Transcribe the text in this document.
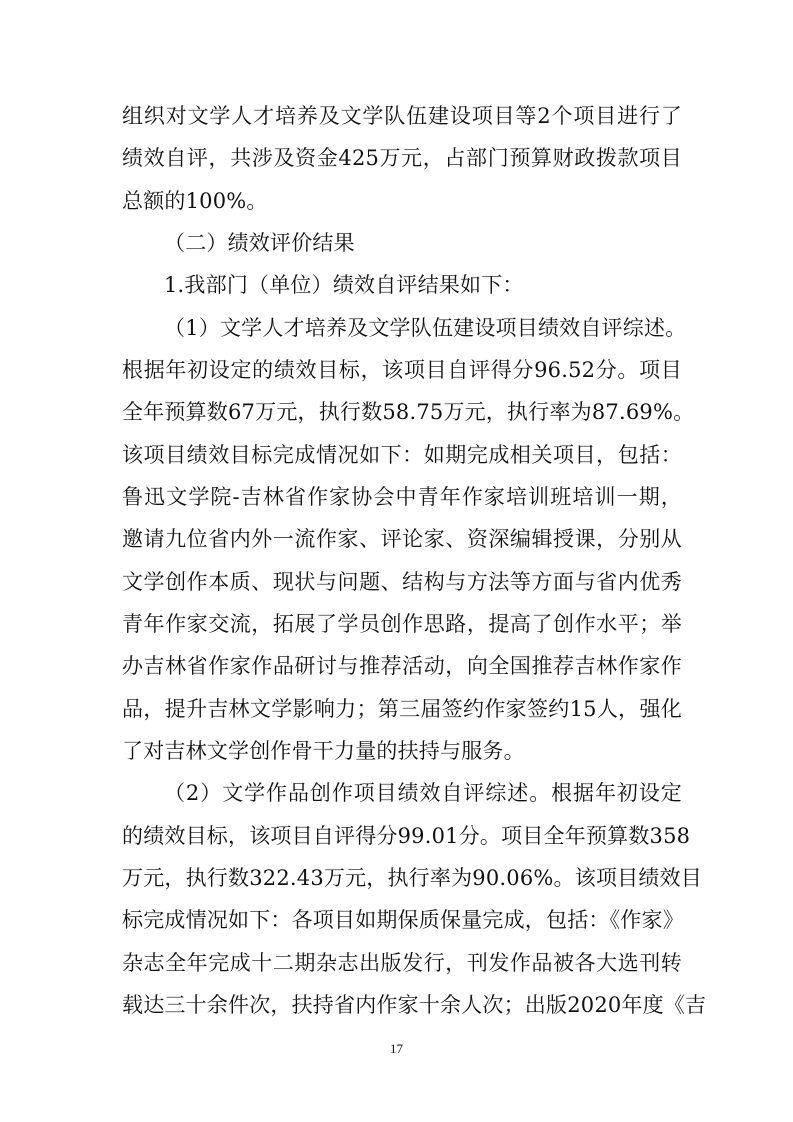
组织对文学人才培养及文学队伍建设项目等2个项目进行了
绩效自评，共涉及资金425万元，占部门预算财政拨款项目
总额的100%。
（二）绩效评价结果
1.我部门（单位）绩效自评结果如下：
（1）文学人才培养及文学队伍建设项目绩效自评综述。
根据年初设定的绩效目标，该项目自评得分96.52分。项目
全年预算数67万元，执行数58.75万元，执行率为87.69%。
该项目绩效目标完成情况如下：如期完成相关项目，包括：
鲁迅文学院-吉林省作家协会中青年作家培训班培训一期，
邀请九位省内外一流作家、评论家、资深编辑授课，分别从
文学创作本质、现状与问题、结构与方法等方面与省内优秀
青年作家交流，拓展了学员创作思路，提高了创作水平；举
办吉林省作家作品研讨与推荐活动，向全国推荐吉林作家作
品，提升吉林文学影响力；第三届签约作家签约15人，强化
了对吉林文学创作骨干力量的扶持与服务。
（2）文学作品创作项目绩效自评综述。根据年初设定
的绩效目标，该项目自评得分99.01分。项目全年预算数358
万元，执行数322.43万元，执行率为90.06%。该项目绩效目
标完成情况如下：各项目如期保质保量完成，包括：《作家》
杂志全年完成十二期杂志出版发行，刊发作品被各大选刊转
载达三十余件次，扶持省内作家十余人次；出版2020年度《吉
17
